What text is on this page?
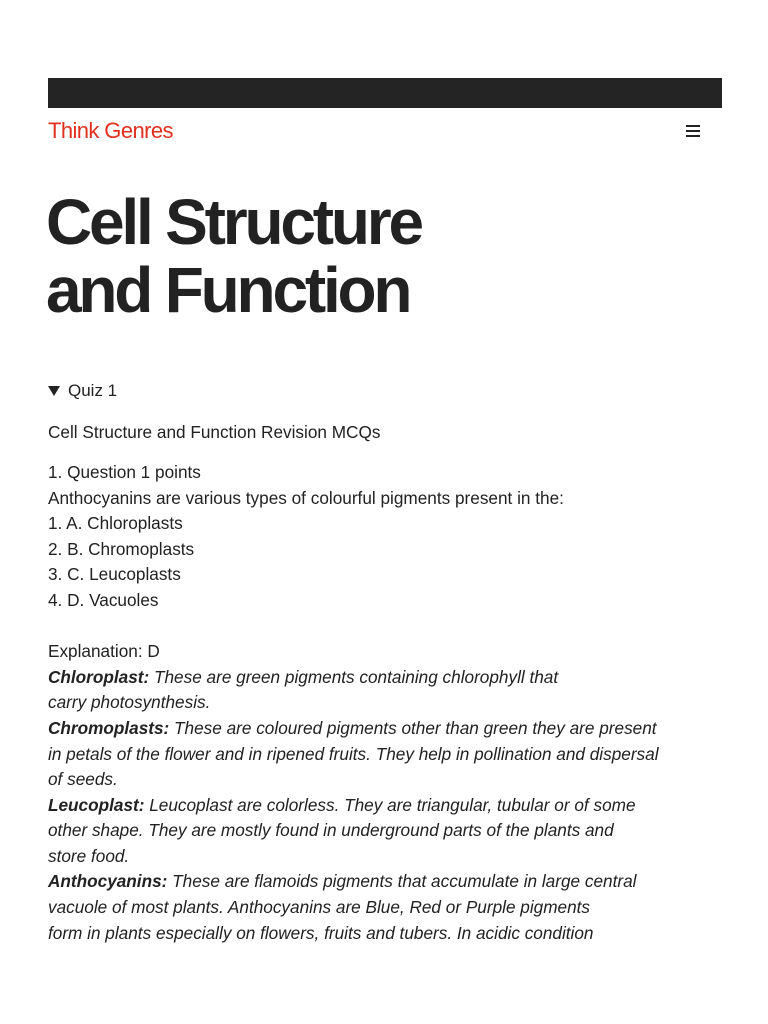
Think Genres
Cell Structure
and Function
Quiz 1

Cell Structure and Function Revision MCQs

1. Question 1 points
Anthocyanins are various types of colourful pigments present in the:
1. A. Chloroplasts
2. B. Chromoplasts
3. C. Leucoplasts
4. D. Vacuoles
Explanation: D
Chloroplast: These are green pigments containing chlorophyll that
carry photosynthesis.
Chromoplasts: These are coloured pigments other than green they are present
in petals of the flower and in ripened fruits. They help in pollination and dispersal
of seeds.
Leucoplast: Leucoplast are colorless. They are triangular, tubular or of some
other shape. They are mostly found in underground parts of the plants and
store food.
Anthocyanins: These are flamoids pigments that accumulate in large central
vacuole of most plants. Anthocyanins are Blue, Red or Purple pigments
form in plants especially on flowers, fruits and tubers. In acidic condition
